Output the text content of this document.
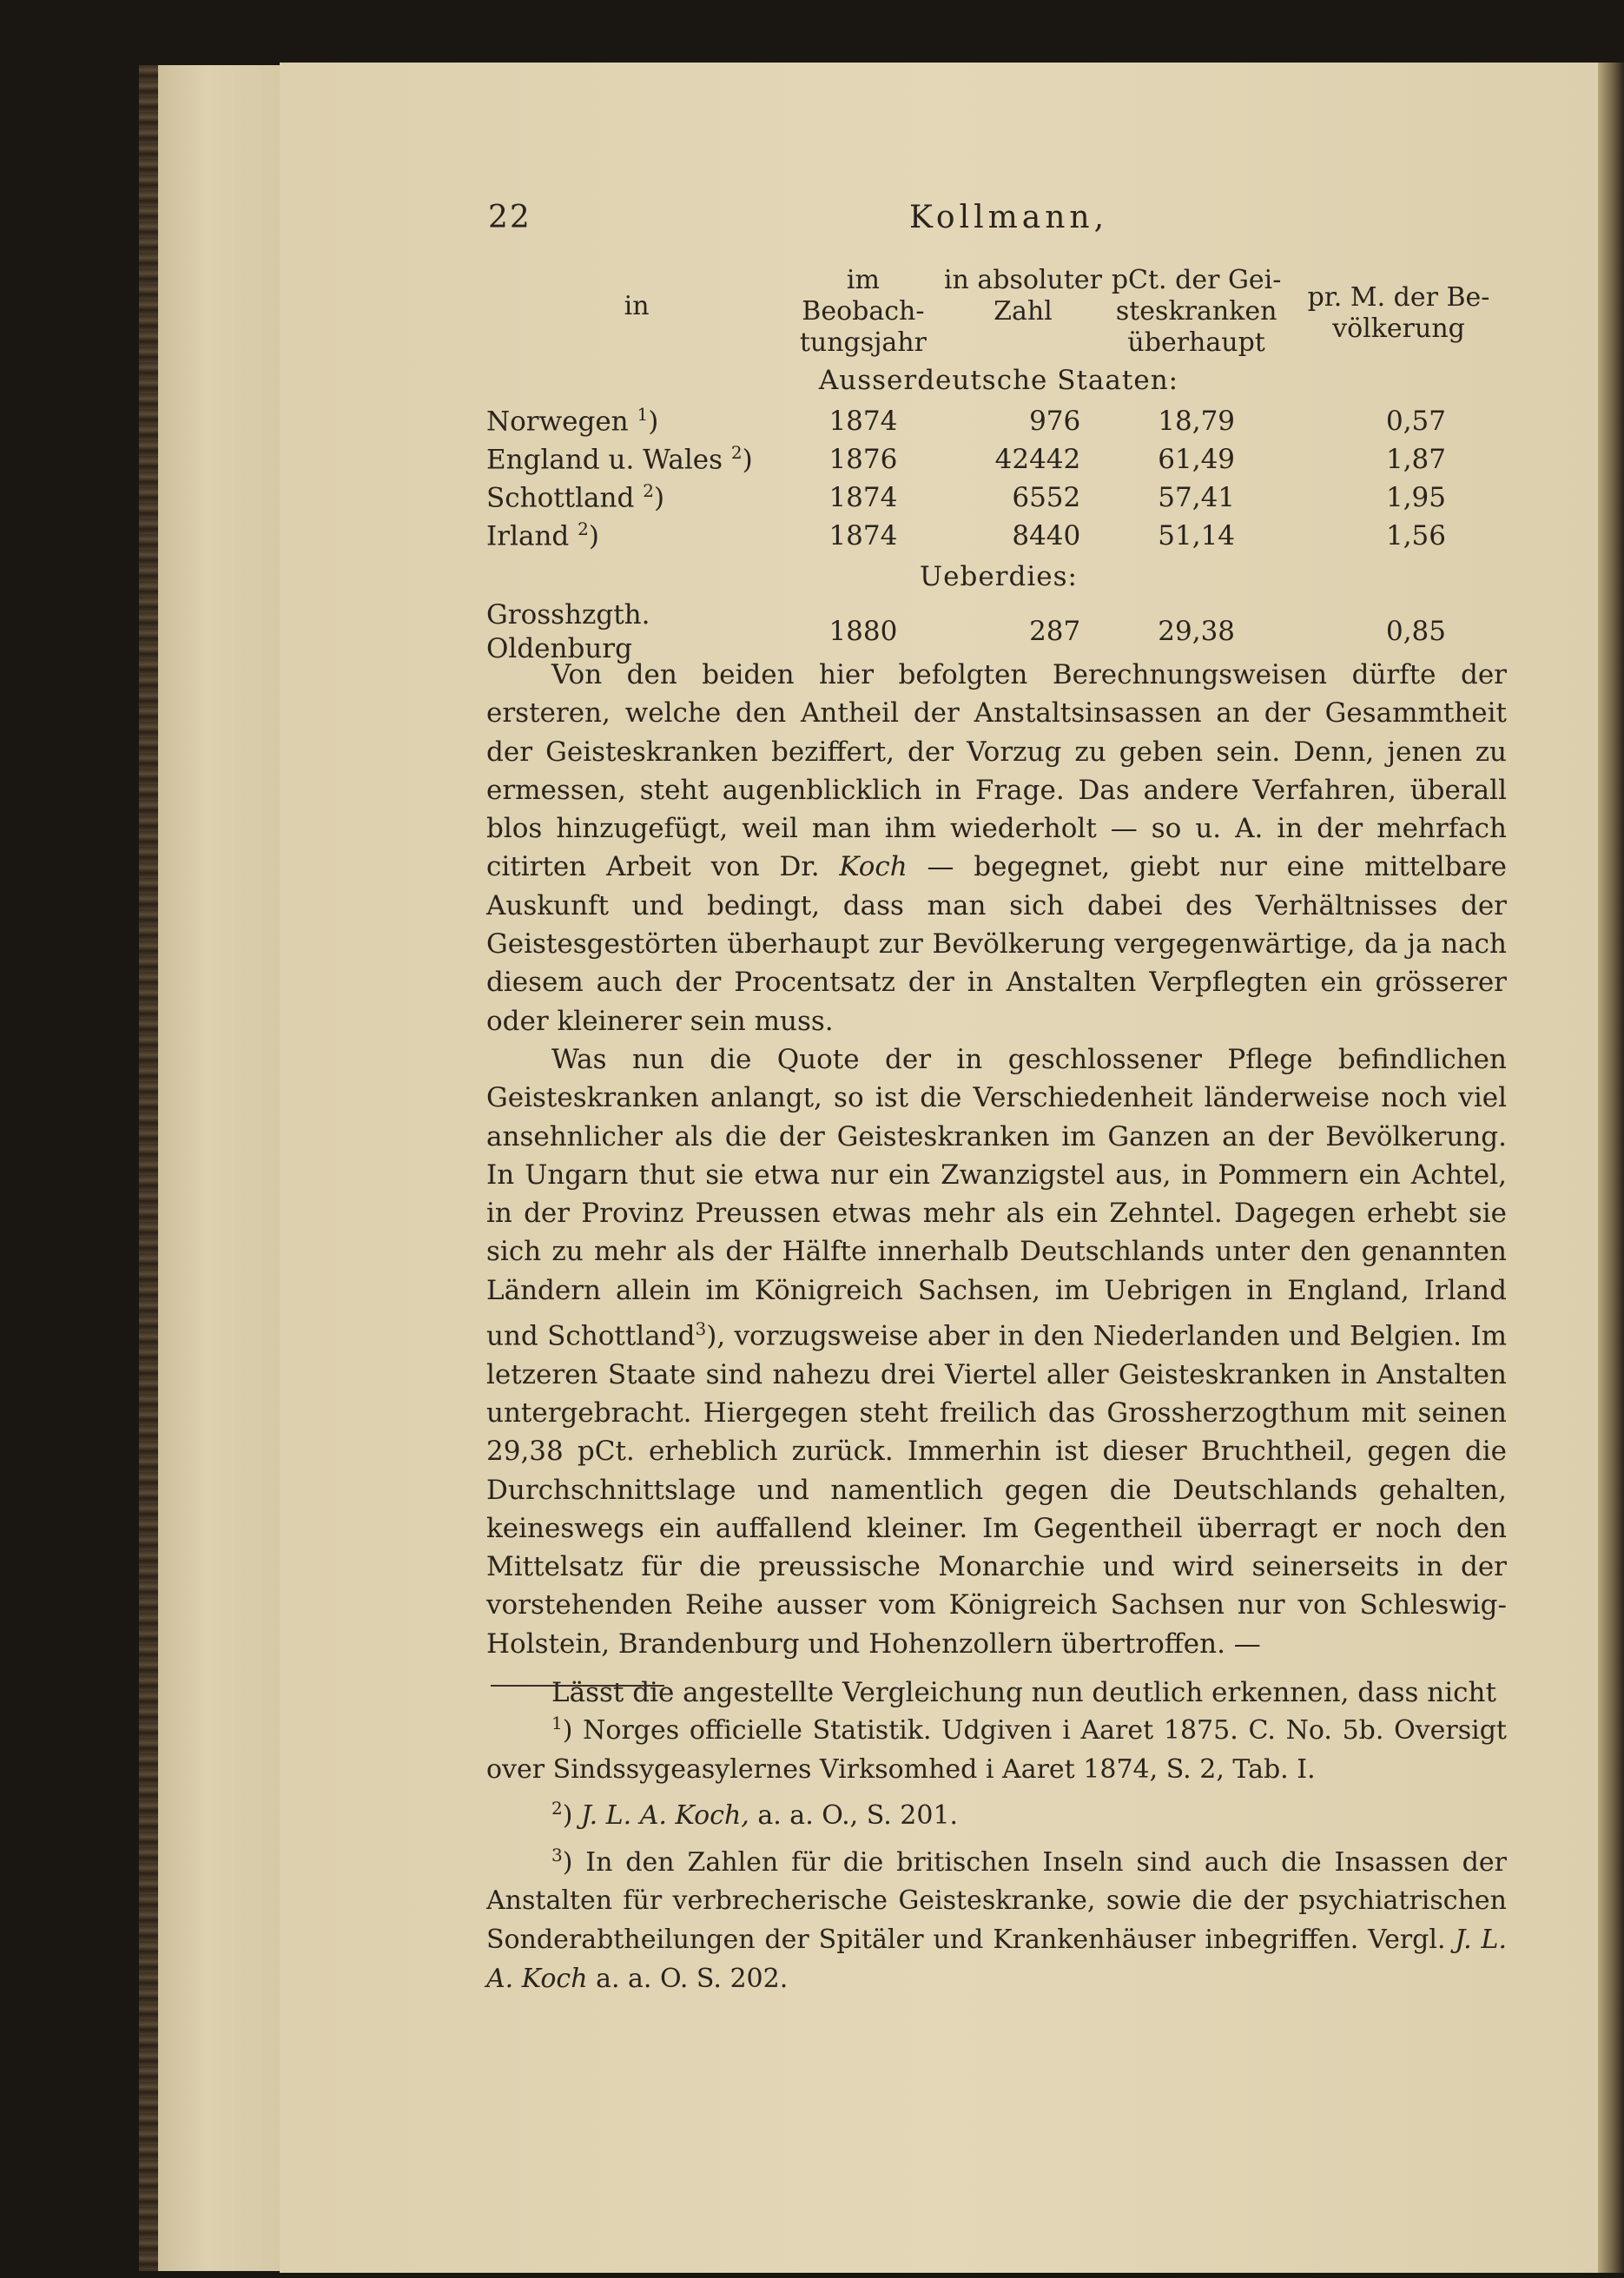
22	Kollmann,
in	im Beobach- tungsjahr	in absoluter Zahl	pCt. der Gei- steskranken überhaupt	pr. M. der Be- völkerung
Ausserdeutsche Staaten:				
Norwegen $^1$)	1874	976	18,79	0,57
England u. Wales $^2$)	1876	42442	61,49	1,87
Schottland $^2$)	1874	6552	57,41	1,95
Irland $^2$)	1874	8440	51,14	1,56
Ueberdies:				
Grosshzgth. Oldenburg	1880	287	29,38	0,85

Von den beiden hier befolgten Berechnungsweisen dürfte der ersteren, welche den Antheil der Anstaltsinsassen an der Gesammtheit der Geisteskranken beziffert, der Vorzug zu geben sein. Denn, jenen zu ermessen, steht augenblicklich in Frage. Das andere Verfahren, überall blos hinzugefügt, weil man ihm wiederholt — so u. A. in der mehrfach citirten Arbeit von Dr. Koch — begegnet, giebt nur eine mittelbare Auskunft und bedingt, dass man sich dabei des Verhältnisses der Geistesgestörten überhaupt zur Bevölkerung vergegenwärtige, da ja nach diesem auch der Procentsatz der in Anstalten Verpflegten ein grösserer oder kleinerer sein muss.

Was nun die Quote der in geschlossener Pflege befindlichen Geisteskranken anlangt, so ist die Verschiedenheit länderweise noch viel ansehnlicher als die der Geisteskranken im Ganzen an der Bevölkerung. In Ungarn thut sie etwa nur ein Zwanzigstel aus, in Pommern ein Achtel, in der Provinz Preussen etwas mehr als ein Zehntel. Dagegen erhebt sie sich zu mehr als der Hälfte innerhalb Deutschlands unter den genannten Ländern allein im Königreich Sachsen, im Uebrigen in England, Irland und Schottland$^3$), vorzugsweise aber in den Niederlanden und Belgien. Im letzeren Staate sind nahezu drei Viertel aller Geisteskranken in Anstalten untergebracht. Hiergegen steht freilich das Grossherzogthum mit seinen 29,38 pCt. erheblich zurück. Immerhin ist dieser Bruchtheil, gegen die Durchschnittslage und namentlich gegen die Deutschlands gehalten, keineswegs ein auffallend kleiner. Im Gegentheil überragt er noch den Mittelsatz für die preussische Monarchie und wird seinerseits in der vorstehenden Reihe ausser vom Königreich Sachsen nur von Schleswig-Holstein, Brandenburg und Hohenzollern übertroffen. —

Lässt die angestellte Vergleichung nun deutlich erkennen, dass nicht

$^1$) Norges officielle Statistik. Udgiven i Aaret 1875. C. No. 5b. Oversigt over Sindssygeasylernes Virksomhed i Aaret 1874, S. 2, Tab. I.

$^2$) J. L. A. Koch, a. a. O., S. 201.

$^3$) In den Zahlen für die britischen Inseln sind auch die Insassen der Anstalten für verbrecherische Geisteskranke, sowie die der psychiatrischen Sonderabtheilungen der Spitäler und Krankenhäuser inbegriffen. Vergl. J. L. A. Koch a. a. O. S. 202.
